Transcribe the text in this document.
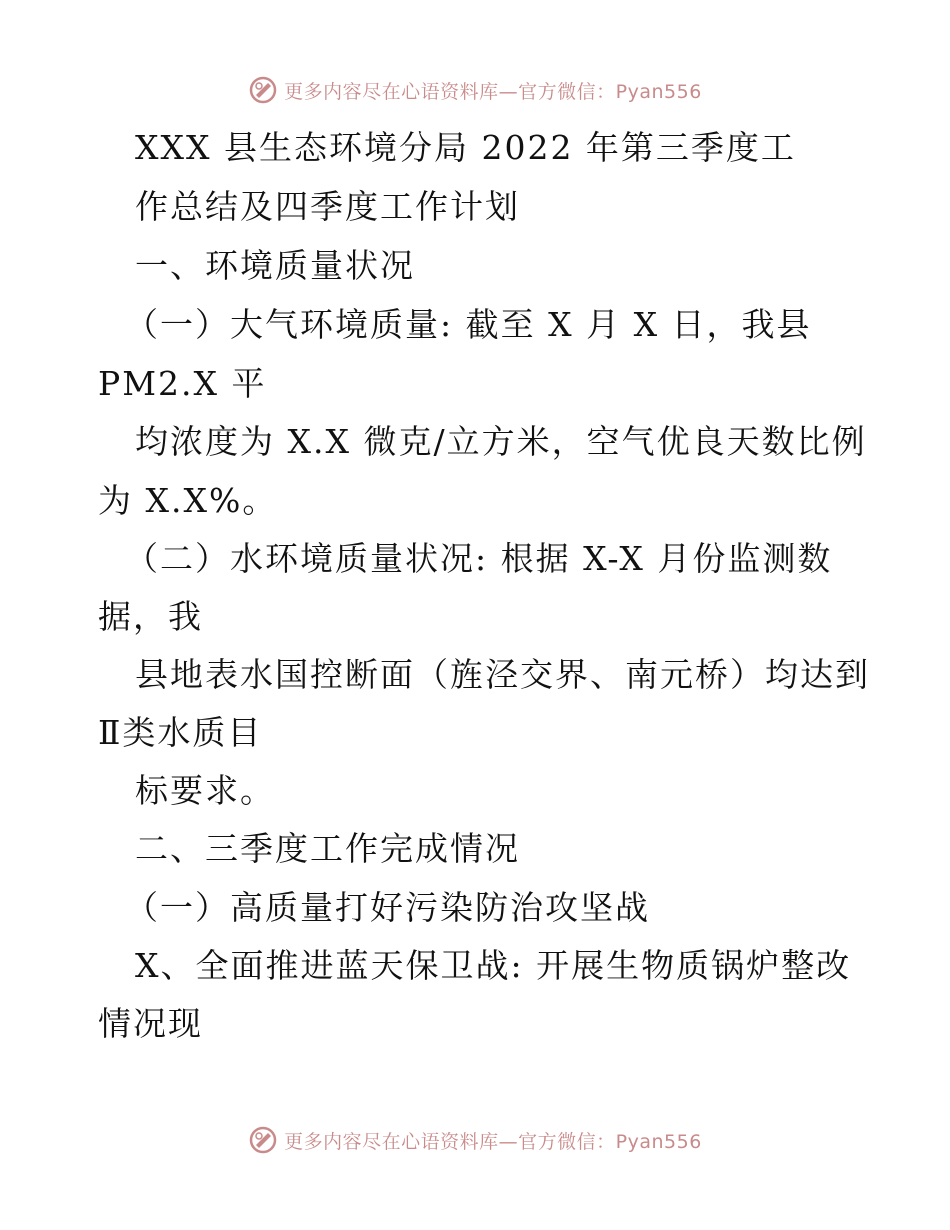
更多内容尽在心语资料库—官方微信：Pyan556
XXX 县生态环境分局 2022 年第三季度工
作总结及四季度工作计划
一、环境质量状况
（一）大气环境质量: 截至 X 月 X 日，我县
PM2.X 平
均浓度为 X.X 微克/立方米，空气优良天数比例
为 X.X%。
（二）水环境质量状况: 根据 X-X 月份监测数
据，我
县地表水国控断面（旌泾交界、南元桥）均达到
Ⅱ类水质目
标要求。
二、三季度工作完成情况
（一）高质量打好污染防治攻坚战
X、全面推进蓝天保卫战: 开展生物质锅炉整改
情况现
更多内容尽在心语资料库—官方微信：Pyan556
